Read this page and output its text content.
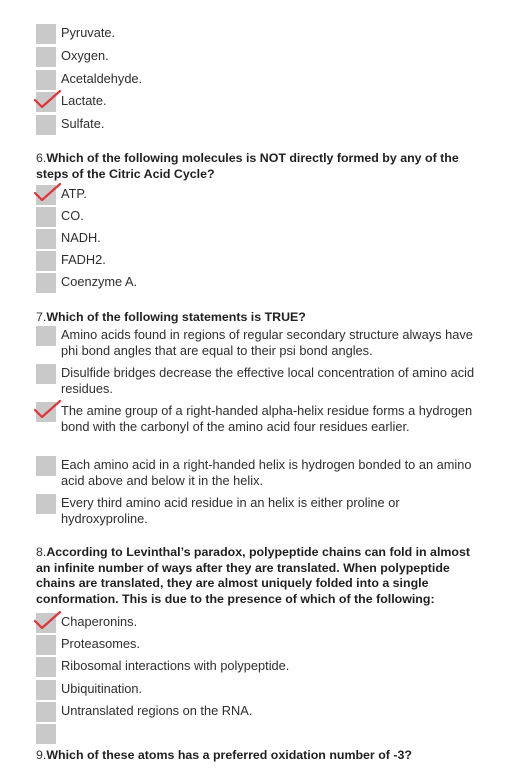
Pyruvate.
Oxygen.
Acetaldehyde.
Lactate.
Sulfate.
6.Which of the following molecules is NOT directly formed by any of the steps of the Citric Acid Cycle?
ATP.
CO.
NADH.
FADH2.
Coenzyme A.
7.Which of the following statements is TRUE?
Amino acids found in regions of regular secondary structure always have phi bond angles that are equal to their psi bond angles.
Disulfide bridges decrease the effective local concentration of amino acid residues.
The amine group of a right-handed alpha-helix residue forms a hydrogen bond with the carbonyl of the amino acid four residues earlier.
Each amino acid in a right-handed helix is hydrogen bonded to an amino acid above and below it in the helix.
Every third amino acid residue in an helix is either proline or hydroxyproline.
8.According to Levinthal’s paradox, polypeptide chains can fold in almost an infinite number of ways after they are translated. When polypeptide chains are translated, they are almost uniquely folded into a single conformation. This is due to the presence of which of the following:
Chaperonins.
Proteasomes.
Ribosomal interactions with polypeptide.
Ubiquitination.
Untranslated regions on the RNA.
9.Which of these atoms has a preferred oxidation number of -3?
